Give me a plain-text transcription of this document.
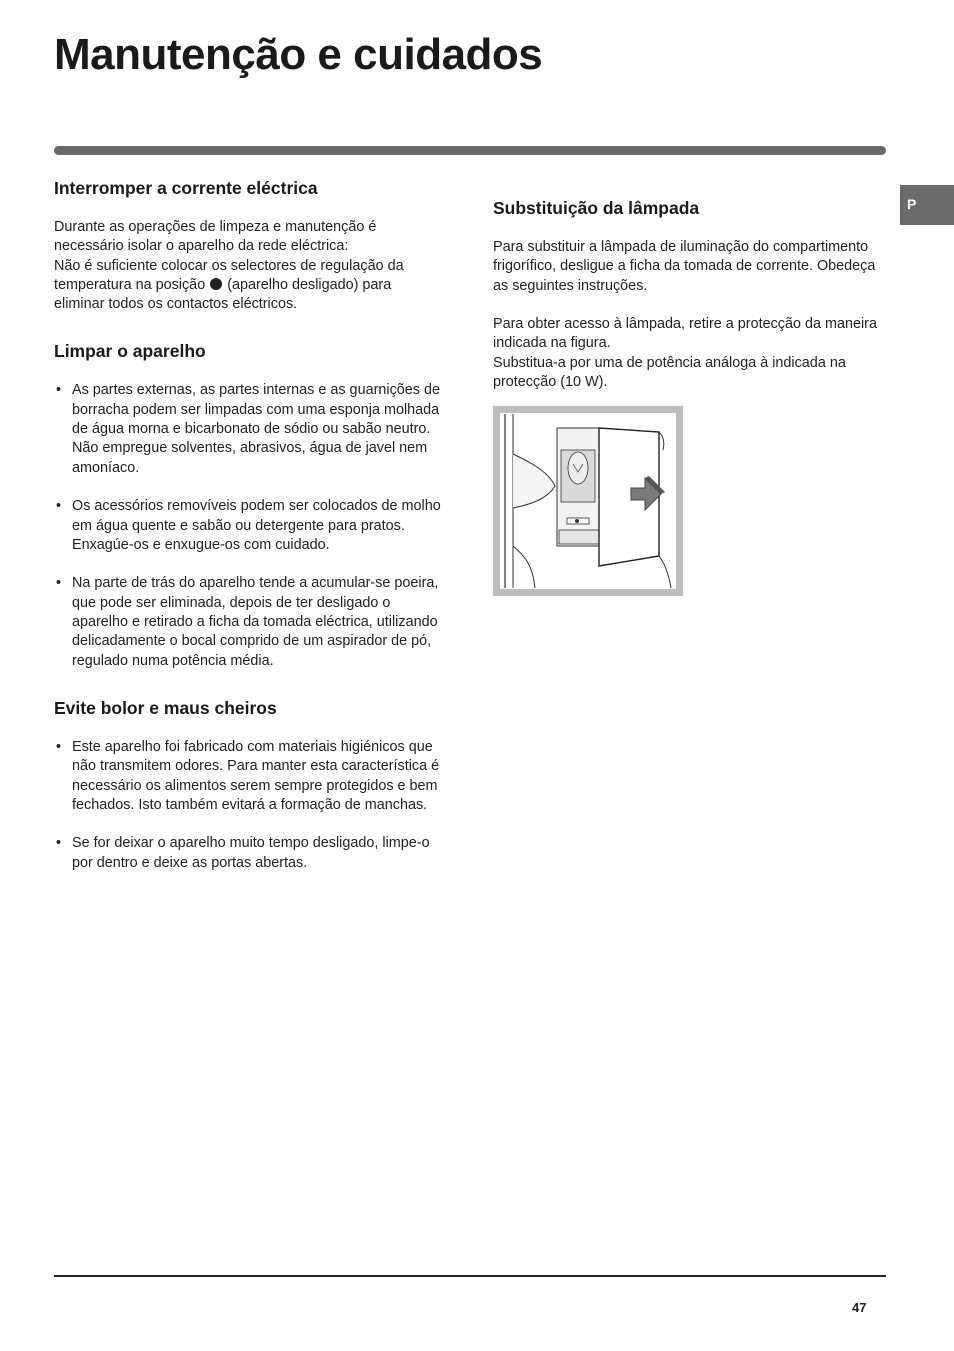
Manutenção e cuidados
P
Interromper a corrente eléctrica

Durante as operações de limpeza e manutenção é necessário isolar o aparelho da rede eléctrica:

Não é suficiente colocar os selectores de regulação da temperatura na posição (aparelho desligado) para eliminar todos os contactos eléctricos.

Limpar o aparelho
• As partes externas, as partes internas e as guarnições de borracha podem ser limpadas com uma esponja molhada de água morna e bicarbonato de sódio ou sabão neutro. Não empregue solventes, abrasivos, água de javel nem amoníaco.
• Os acessórios removíveis podem ser colocados de molho em água quente e sabão ou detergente para pratos. Enxagúe-os e enxugue-os com cuidado.
• Na parte de trás do aparelho tende a acumular-se poeira, que pode ser eliminada, depois de ter desligado o aparelho e retirado a ficha da tomada eléctrica, utilizando delicadamente o bocal comprido de um aspirador de pó, regulado numa potência média.
Evite bolor e maus cheiros
• Este aparelho foi fabricado com materiais higiénicos que não transmitem odores. Para manter esta característica é necessário os alimentos serem sempre protegidos e bem fechados. Isto também evitará a formação de manchas.
• Se for deixar o aparelho muito tempo desligado, limpe-o por dentro e deixe as portas abertas.
Substituição da lâmpada

Para substituir a lâmpada de iluminação do compartimento frigorífico, desligue a ficha da tomada de corrente. Obedeça as seguintes instruções.

Para obter acesso à lâmpada, retire a protecção da maneira indicada na figura.

Substitua-a por uma de potência análoga à indicada na protecção (10 W).

47
